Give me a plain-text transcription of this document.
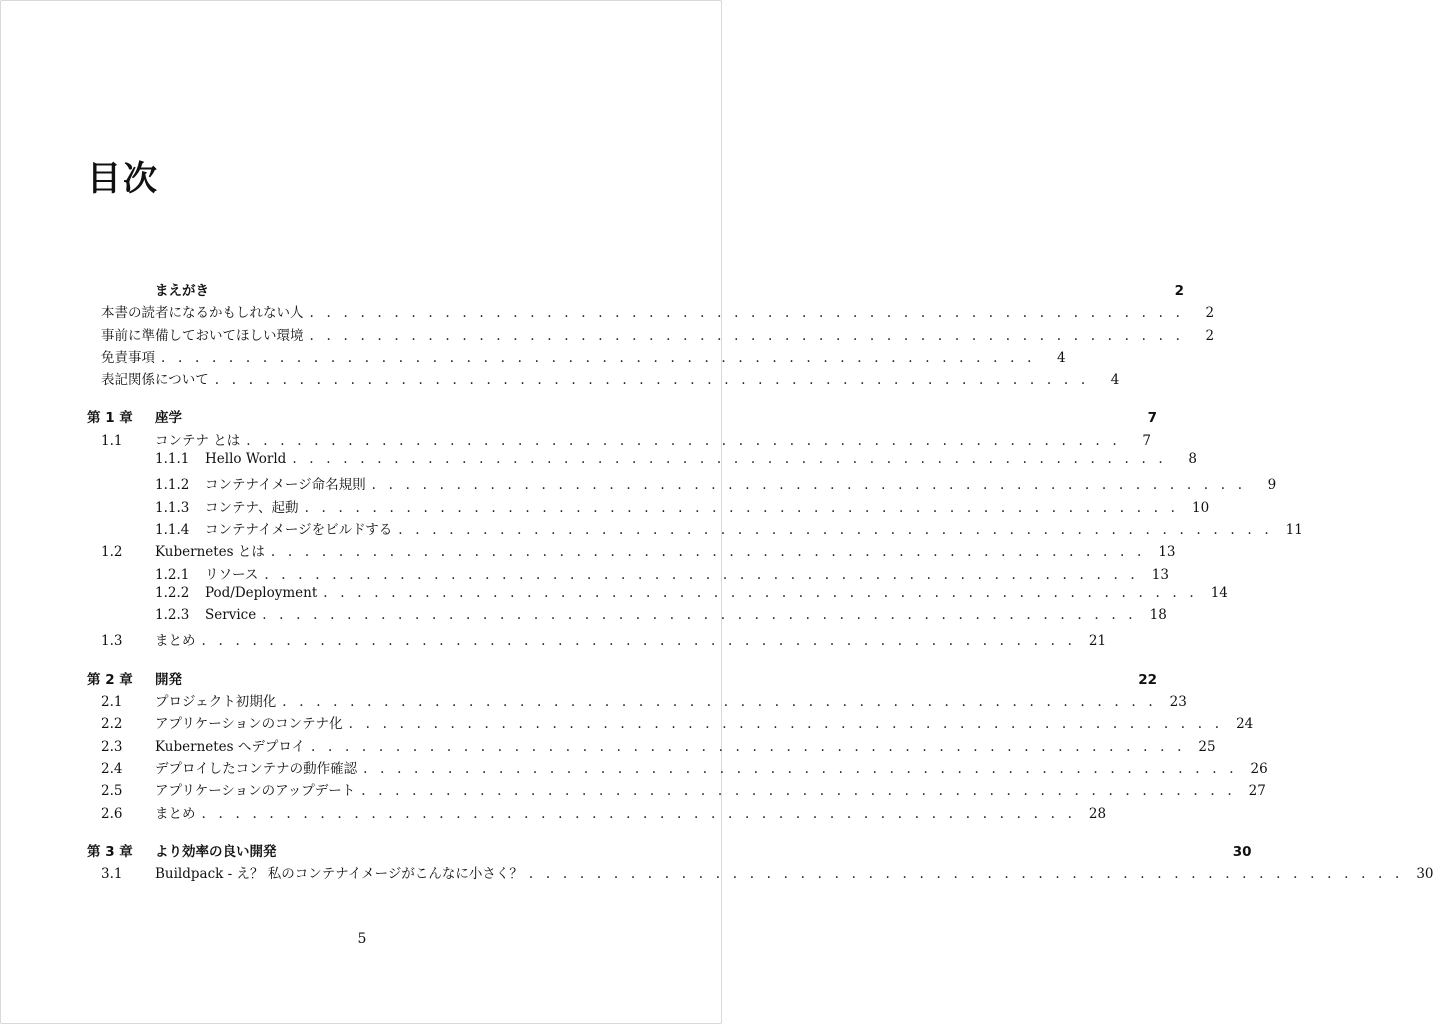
目次
まえがき	2
本書の読者になるかもしれない人 . . . . . . . . . . . . . . . . . . . . . . . . . . . . . . . . . . . . . . . . . . . . . . . . . . . .	2
事前に準備しておいてほしい環境 . . . . . . . . . . . . . . . . . . . . . . . . . . . . . . . . . . . . . . . . . . . . . . . . . . . .	2
免責事項 . . . . . . . . . . . . . . . . . . . . . . . . . . . . . . . . . . . . . . . . . . . . . . . . . . . .	4
表記関係について . . . . . . . . . . . . . . . . . . . . . . . . . . . . . . . . . . . . . . . . . . . . . . . . . . . .	4
第 1 章	座学	7
1.1	コンテナ とは . . . . . . . . . . . . . . . . . . . . . . . . . . . . . . . . . . . . . . . . . . . . . . . . . . . .	7
1.1.1	Hello World . . . . . . . . . . . . . . . . . . . . . . . . . . . . . . . . . . . . . . . . . . . . . . . . . . . .	8
1.1.2	コンテナイメージ命名規則 . . . . . . . . . . . . . . . . . . . . . . . . . . . . . . . . . . . . . . . . . . . . . . . . . . . .	9
1.1.3	コンテナ、起動 . . . . . . . . . . . . . . . . . . . . . . . . . . . . . . . . . . . . . . . . . . . . . . . . . . . . 10
1.1.4	コンテナイメージをビルドする . . . . . . . . . . . . . . . . . . . . . . . . . . . . . . . . . . . . . . . . . . . . . . . . . . . . 11
1.2	Kubernetes とは . . . . . . . . . . . . . . . . . . . . . . . . . . . . . . . . . . . . . . . . . . . . . . . . . . . . 13
1.2.1	リソース . . . . . . . . . . . . . . . . . . . . . . . . . . . . . . . . . . . . . . . . . . . . . . . . . . . . 13
1.2.2	Pod/Deployment . . . . . . . . . . . . . . . . . . . . . . . . . . . . . . . . . . . . . . . . . . . . . . . . . . . . 14
1.2.3	Service . . . . . . . . . . . . . . . . . . . . . . . . . . . . . . . . . . . . . . . . . . . . . . . . . . . . 18
1.3	まとめ . . . . . . . . . . . . . . . . . . . . . . . . . . . . . . . . . . . . . . . . . . . . . . . . . . . . 21
第 2 章	開発	22
2.1	プロジェクト初期化 . . . . . . . . . . . . . . . . . . . . . . . . . . . . . . . . . . . . . . . . . . . . . . . . . . . . 23
2.2	アプリケーションのコンテナ化 . . . . . . . . . . . . . . . . . . . . . . . . . . . . . . . . . . . . . . . . . . . . . . . . . . . . 24
2.3	Kubernetes へデプロイ . . . . . . . . . . . . . . . . . . . . . . . . . . . . . . . . . . . . . . . . . . . . . . . . . . . . 25
2.4	デプロイしたコンテナの動作確認 . . . . . . . . . . . . . . . . . . . . . . . . . . . . . . . . . . . . . . . . . . . . . . . . . . . . 26
2.5	アプリケーションのアップデート . . . . . . . . . . . . . . . . . . . . . . . . . . . . . . . . . . . . . . . . . . . . . . . . . . . . 27
2.6	まとめ . . . . . . . . . . . . . . . . . . . . . . . . . . . . . . . . . . . . . . . . . . . . . . . . . . . . 28
第 3 章	より効率の良い開発	30
3.1	Buildpack - え？ 私のコンテナイメージがこんなに小さく？ . . . . . . . . . . . . . . . . . . . . . . . . . . . . . . . . . . . . . . . . . . . . . . . . . . . . 30
5
